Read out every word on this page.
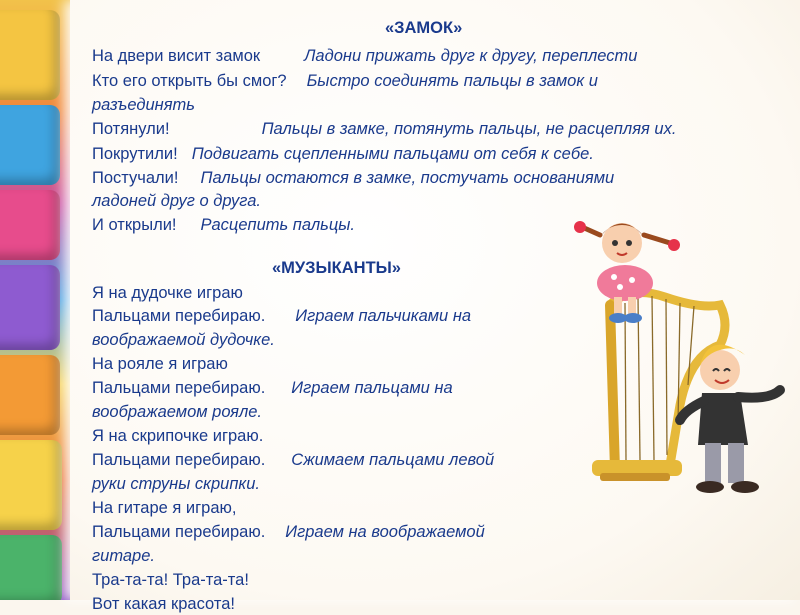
«ЗАМОК»
На двери висит замок	Ладони прижать друг к другу, переплести
Кто его открыть бы смог? Быстро соединять пальцы в замок и
разъединять
Потянули!	Пальцы в замке, потянуть пальцы, не расцепляя их.
Покрутили! Подвигать сцепленными пальцами от себя к себе.
Постучали! Пальцы остаются в замке, постучать основаниями
ладоней друг о друга.
И открыли! Расцепить пальцы.
«МУЗЫКАНТЫ»
Я на дудочке играю
Пальцами перебираю. Играем пальчиками на
воображаемой дудочке.
На рояле я играю
Пальцами перебираю. Играем пальцами на
воображаемом рояле.
Я на скрипочке играю.
Пальцами перебираю. Сжимаем пальцами левой
руки струны скрипки.
На гитаре я играю,
Пальцами перебираю. Играем на воображаемой
гитаре.
Тра-та-та! Тра-та-та!
Вот какая красота!
